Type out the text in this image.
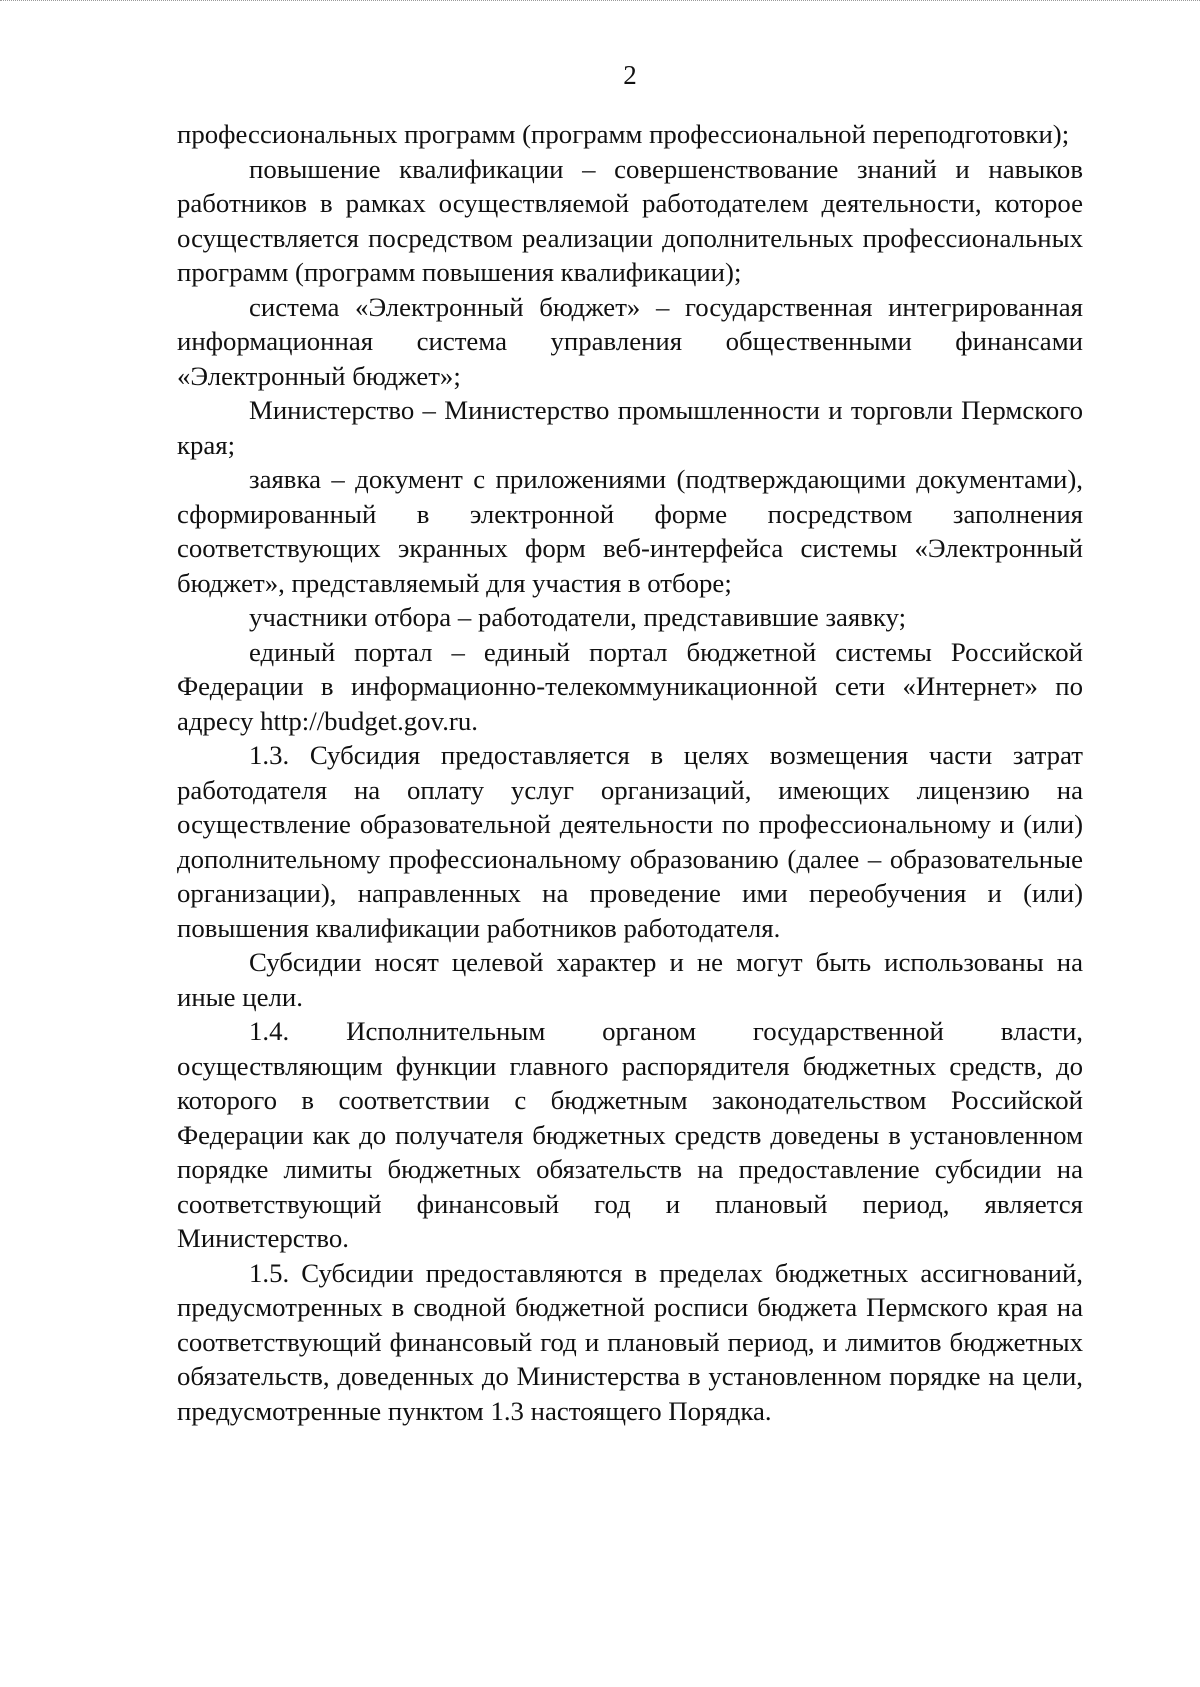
2

профессиональных программ (программ профессиональной переподготовки);

повышение квалификации – совершенствование знаний и навыков работников в рамках осуществляемой работодателем деятельности, которое осуществляется посредством реализации дополнительных профессиональных программ (программ повышения квалификации);

система «Электронный бюджет» – государственная интегрированная информационная система управления общественными финансами «Электронный бюджет»;

Министерство – Министерство промышленности и торговли Пермского края;

заявка – документ с приложениями (подтверждающими документами), сформированный в электронной форме посредством заполнения соответствующих экранных форм веб-интерфейса системы «Электронный бюджет», представляемый для участия в отборе;

участники отбора – работодатели, представившие заявку;

единый портал – единый портал бюджетной системы Российской Федерации в информационно-телекоммуникационной сети «Интернет» по адресу http://budget.gov.ru.

1.3. Субсидия предоставляется в целях возмещения части затрат работодателя на оплату услуг организаций, имеющих лицензию на осуществление образовательной деятельности по профессиональному и (или) дополнительному профессиональному образованию (далее – образовательные организации), направленных на проведение ими переобучения и (или) повышения квалификации работников работодателя.

Субсидии носят целевой характер и не могут быть использованы на иные цели.

1.4. Исполнительным органом государственной власти, осуществляющим функции главного распорядителя бюджетных средств, до которого в соответствии с бюджетным законодательством Российской Федерации как до получателя бюджетных средств доведены в установленном порядке лимиты бюджетных обязательств на предоставление субсидии на соответствующий финансовый год и плановый период, является Министерство.

1.5. Субсидии предоставляются в пределах бюджетных ассигнований, предусмотренных в сводной бюджетной росписи бюджета Пермского края на соответствующий финансовый год и плановый период, и лимитов бюджетных обязательств, доведенных до Министерства в установленном порядке на цели, предусмотренные пунктом 1.3 настоящего Порядка.
